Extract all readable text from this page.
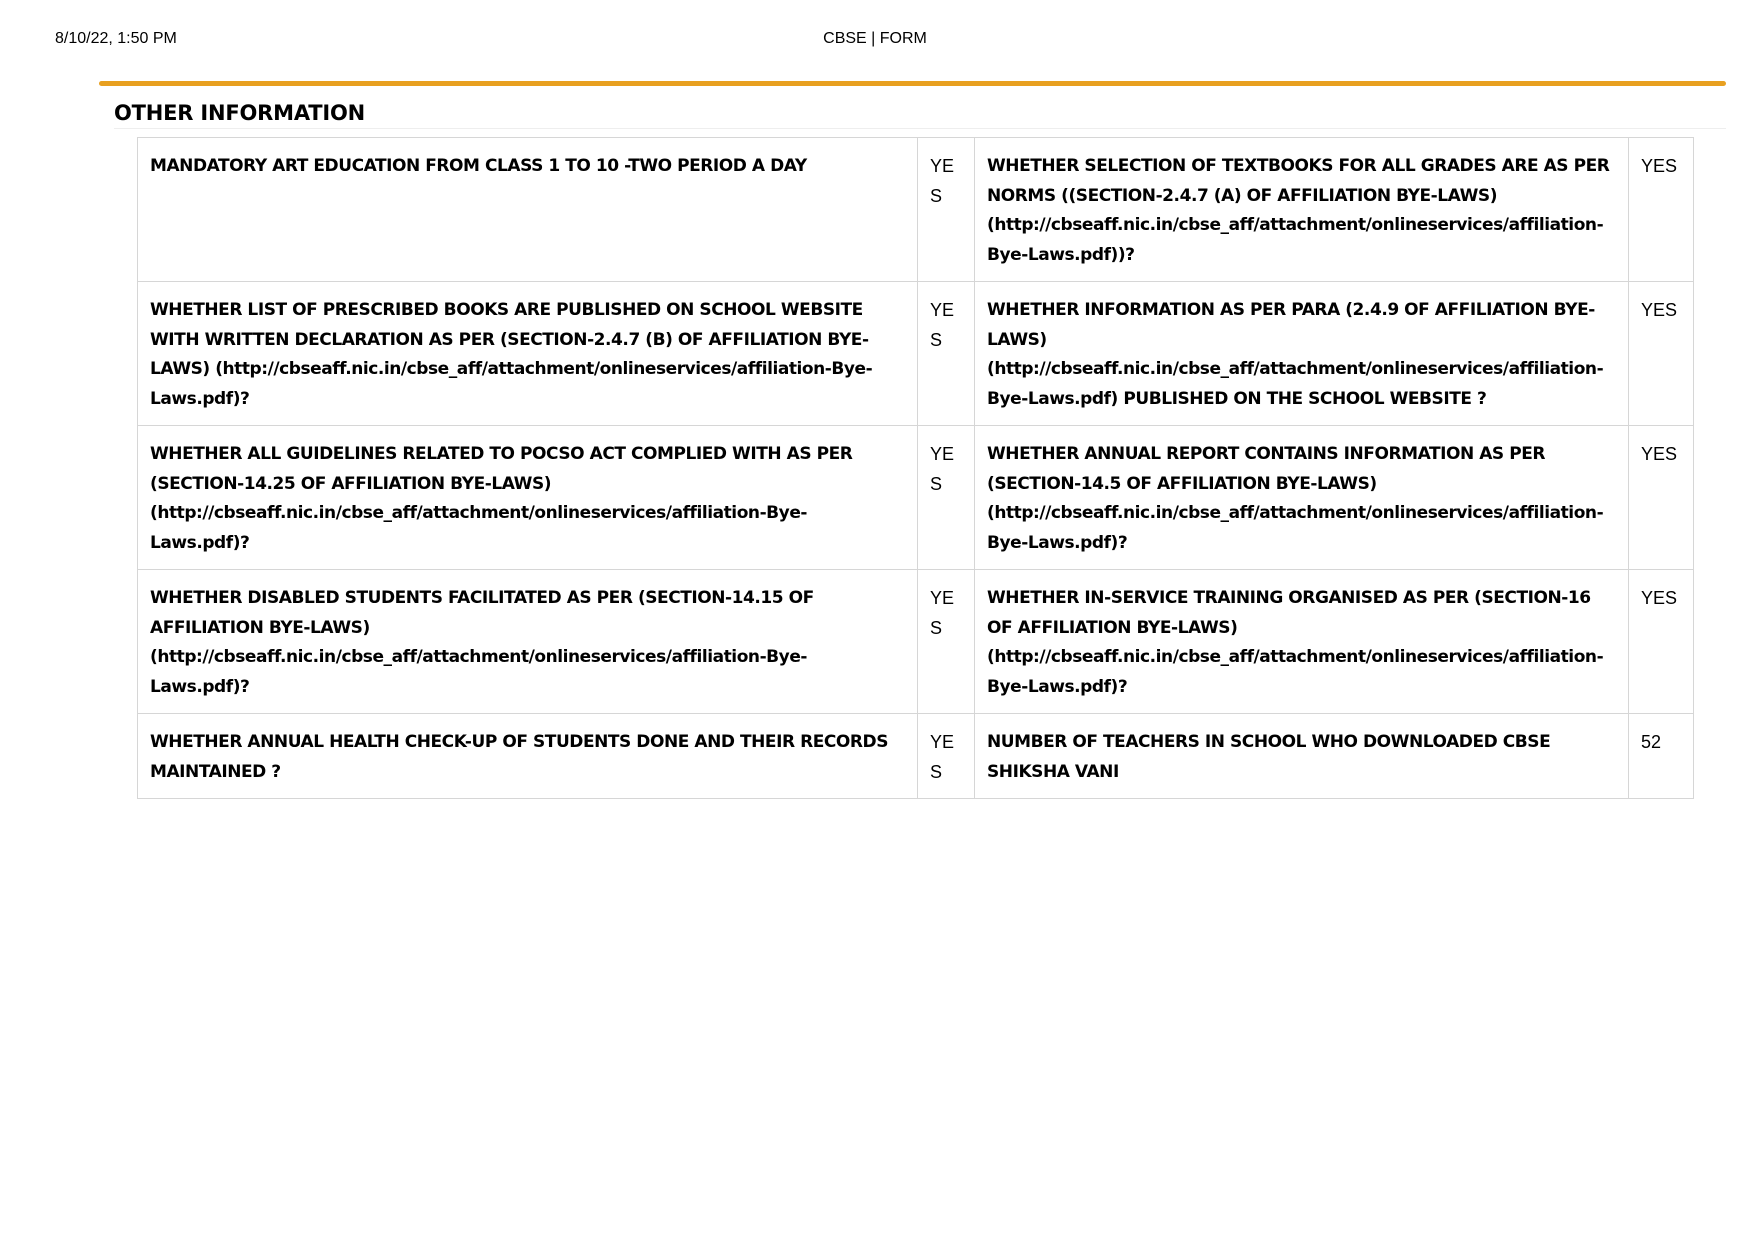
8/10/22, 1:50 PM	CBSE | FORM
OTHER INFORMATION
MANDATORY ART EDUCATION FROM CLASS 1 TO 10 -TWO PERIOD A DAY	YES	WHETHER SELECTION OF TEXTBOOKS FOR ALL GRADES ARE AS PER NORMS ((SECTION-2.4.7 (A) OF AFFILIATION BYE-LAWS) (http://cbseaff.nic.in/cbse_aff/attachment/onlineservices/affiliation-Bye-Laws.pdf))?	YES
WHETHER LIST OF PRESCRIBED BOOKS ARE PUBLISHED ON SCHOOL WEBSITE WITH WRITTEN DECLARATION AS PER (SECTION-2.4.7 (B) OF AFFILIATION BYE-LAWS) (http://cbseaff.nic.in/cbse_aff/attachment/onlineservices/affiliation-Bye-Laws.pdf)?	YES	WHETHER INFORMATION AS PER PARA (2.4.9 OF AFFILIATION BYE-LAWS) (http://cbseaff.nic.in/cbse_aff/attachment/onlineservices/affiliation-Bye-Laws.pdf) PUBLISHED ON THE SCHOOL WEBSITE ?	YES
WHETHER ALL GUIDELINES RELATED TO POCSO ACT COMPLIED WITH AS PER (SECTION-14.25 OF AFFILIATION BYE-LAWS) (http://cbseaff.nic.in/cbse_aff/attachment/onlineservices/affiliation-Bye-Laws.pdf)?	YES	WHETHER ANNUAL REPORT CONTAINS INFORMATION AS PER (SECTION-14.5 OF AFFILIATION BYE-LAWS) (http://cbseaff.nic.in/cbse_aff/attachment/onlineservices/affiliation-Bye-Laws.pdf)?	YES
WHETHER DISABLED STUDENTS FACILITATED AS PER (SECTION-14.15 OF AFFILIATION BYE-LAWS) (http://cbseaff.nic.in/cbse_aff/attachment/onlineservices/affiliation-Bye-Laws.pdf)?	YES	WHETHER IN-SERVICE TRAINING ORGANISED AS PER (SECTION-16 OF AFFILIATION BYE-LAWS) (http://cbseaff.nic.in/cbse_aff/attachment/onlineservices/affiliation-Bye-Laws.pdf)?	YES
WHETHER ANNUAL HEALTH CHECK-UP OF STUDENTS DONE AND THEIR RECORDS MAINTAINED ?	YES	NUMBER OF TEACHERS IN SCHOOL WHO DOWNLOADED CBSE SHIKSHA VANI	52
